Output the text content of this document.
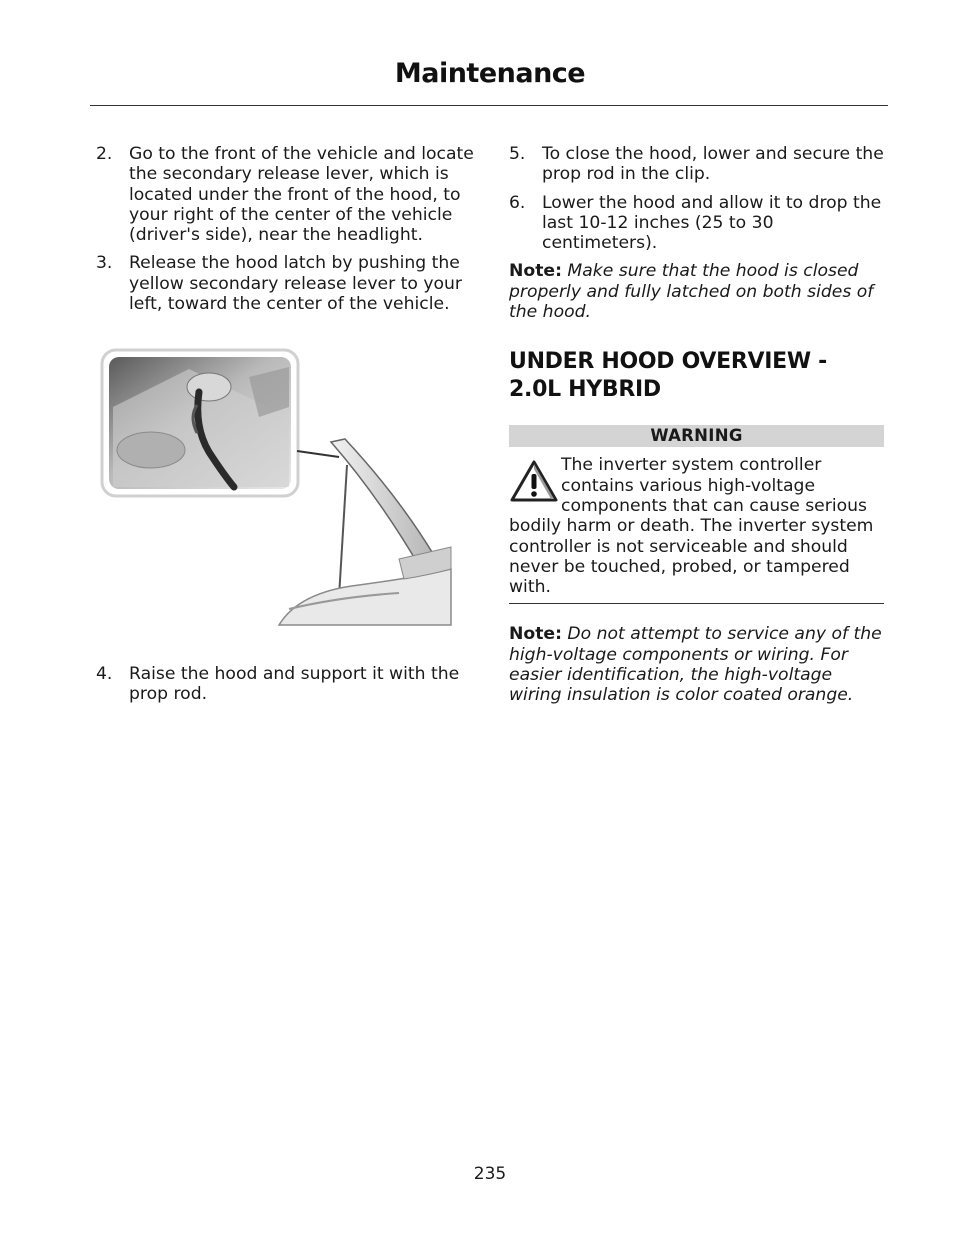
Maintenance
2. Go to the front of the vehicle and locate the secondary release lever, which is located under the front of the hood, to your right of the center of the vehicle (driver's side), near the headlight.
3. Release the hood latch by pushing the yellow secondary release lever to your left, toward the center of the vehicle.
4. Raise the hood and support it with the prop rod.
5. To close the hood, lower and secure the prop rod in the clip.
6. Lower the hood and allow it to drop the last 10-12 inches (25 to 30 centimeters).
Note: Make sure that the hood is closed properly and fully latched on both sides of the hood.
UNDER HOOD OVERVIEW - 2.0L HYBRID
WARNING
The inverter system controller contains various high-voltage components that can cause serious bodily harm or death. The inverter system controller is not serviceable and should never be touched, probed, or tampered with.
Note: Do not attempt to service any of the high-voltage components or wiring. For easier identification, the high-voltage wiring insulation is color coated orange.
235
